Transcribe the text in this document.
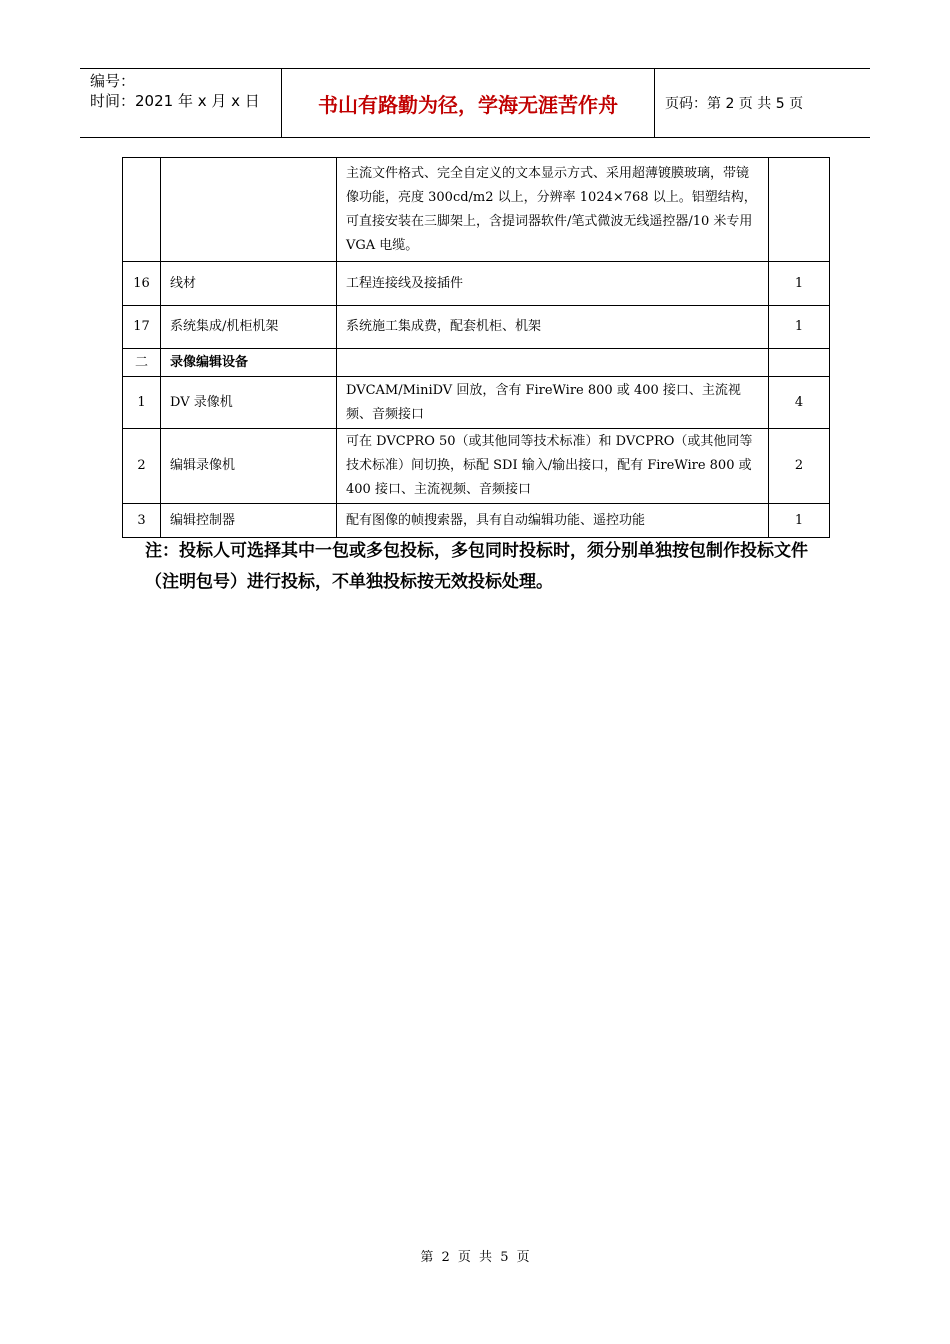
编号：
时间：2021 年 x 月 x 日	书山有路勤为径，学海无涯苦作舟	页码：第 2 页 共 5 页
		主流文件格式、完全自定义的文本显示方式、采用超薄镀膜玻璃，带镜像功能，亮度 300cd/m2 以上，分辨率 1024×768 以上。铝塑结构，可直接安装在三脚架上，含提词器软件/笔式微波无线遥控器/10 米专用 VGA 电缆。	
16	线材	工程连接线及接插件	1
17	系统集成/机柜机架	系统施工集成费，配套机柜、机架	1
二	录像编辑设备		
1	DV 录像机	DVCAM/MiniDV 回放，含有 FireWire 800 或 400 接口、主流视频、音频接口	4
2	编辑录像机	可在 DVCPRO 50（或其他同等技术标准）和 DVCPRO（或其他同等技术标准）间切换，标配 SDI 输入/输出接口，配有 FireWire 800 或 400 接口、主流视频、音频接口	2
3	编辑控制器	配有图像的帧搜索器，具有自动编辑功能、遥控功能	1
注：投标人可选择其中一包或多包投标，多包同时投标时，须分别单独按包制作投标文件（注明包号）进行投标，不单独投标按无效投标处理。
第 2 页 共 5 页
